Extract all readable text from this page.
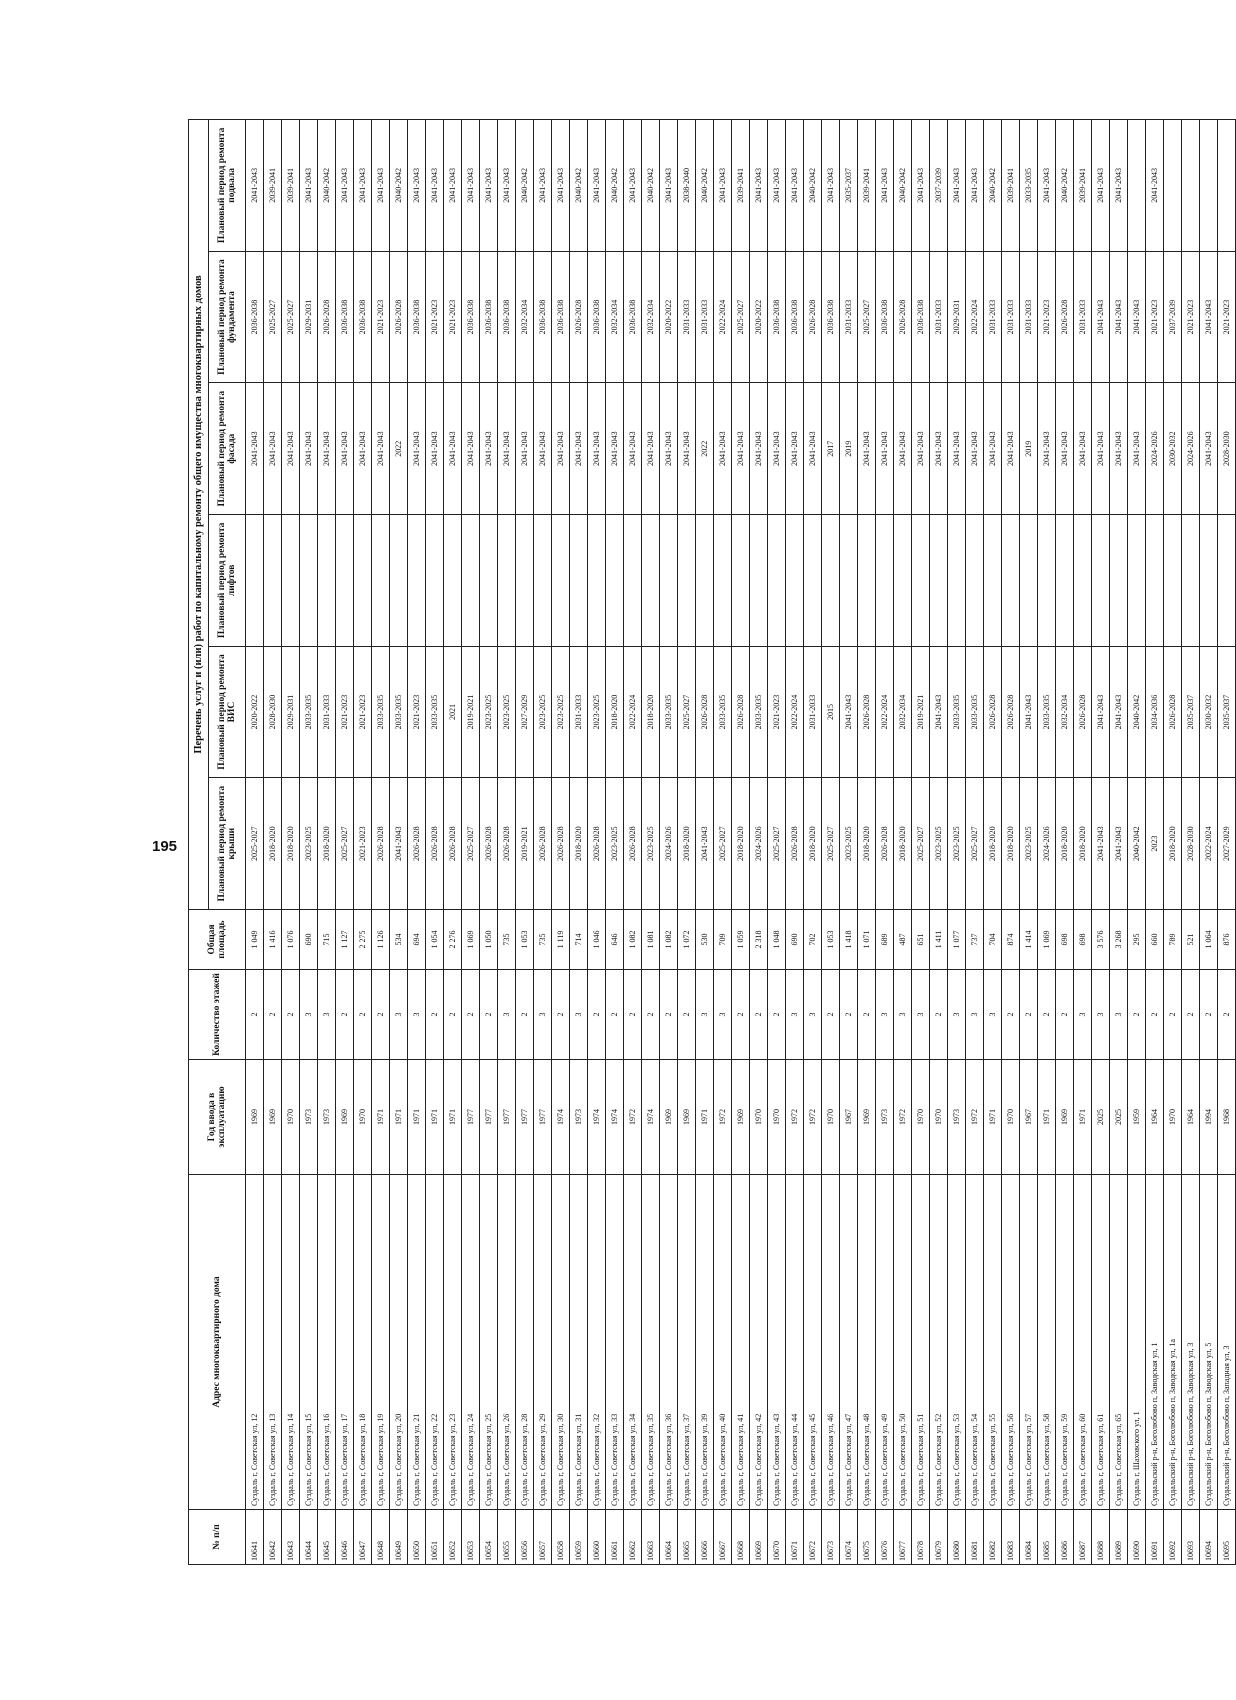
195
№ п/п	Адрес многоквартирного дома	Год ввода в эксплуатацию	Количество этажей	Общая площадь	Перечень услуг и (или) работ по капитальному ремонту общего имущества многоквартирных домов					
					Плановый период ремонта крыши	Плановый период ремонта ВИС	Плановый период ремонта лифтов	Плановый период ремонта фасада	Плановый период ремонта фундамента	Плановый период ремонта подвала
10641	Суздаль г, Советская ул, 12	1969	2	1 049	2025-2027	2020-2022		2041-2043	2036-2038	2041-2043
10642	Суздаль г, Советская ул, 13	1969	2	1 416	2018-2020	2028-2030		2041-2043	2025-2027	2039-2041
10643	Суздаль г, Советская ул, 14	1970	2	1 076	2018-2020	2029-2031		2041-2043	2025-2027	2039-2041
10644	Суздаль г, Советская ул, 15	1973	3	690	2023-2025	2033-2035		2041-2043	2029-2031	2041-2043
10645	Суздаль г, Советская ул, 16	1973	3	715	2018-2020	2031-2033		2041-2043	2026-2028	2040-2042
10646	Суздаль г, Советская ул, 17	1969	2	1 127	2025-2027	2021-2023		2041-2043	2036-2038	2041-2043
10647	Суздаль г, Советская ул, 18	1970	2	2 275	2021-2023	2021-2023		2041-2043	2036-2038	2041-2043
10648	Суздаль г, Советская ул, 19	1971	2	1 126	2026-2028	2033-2035		2041-2043	2021-2023	2041-2043
10649	Суздаль г, Советская ул, 20	1971	3	534	2041-2043	2033-2035		2022	2026-2028	2040-2042
10650	Суздаль г, Советская ул, 21	1971	3	694	2026-2028	2021-2023		2041-2043	2036-2038	2041-2043
10651	Суздаль г, Советская ул, 22	1971	2	1 054	2026-2028	2033-2035		2041-2043	2021-2023	2041-2043
10652	Суздаль г, Советская ул, 23	1971	2	2 276	2026-2028	2021		2041-2043	2021-2023	2041-2043
10653	Суздаль г, Советская ул, 24	1977	2	1 069	2025-2027	2019-2021		2041-2043	2036-2038	2041-2043
10654	Суздаль г, Советская ул, 25	1977	2	1 050	2026-2028	2023-2025		2041-2043	2036-2038	2041-2043
10655	Суздаль г, Советская ул, 26	1977	3	735	2026-2028	2023-2025		2041-2043	2036-2038	2041-2043
10656	Суздаль г, Советская ул, 28	1977	2	1 053	2019-2021	2027-2029		2041-2043	2032-2034	2040-2042
10657	Суздаль г, Советская ул, 29	1977	3	735	2026-2028	2023-2025		2041-2043	2036-2038	2041-2043
10658	Суздаль г, Советская ул, 30	1974	2	1 119	2026-2028	2023-2025		2041-2043	2036-2038	2041-2043
10659	Суздаль г, Советская ул, 31	1973	3	714	2018-2020	2031-2033		2041-2043	2026-2028	2040-2042
10660	Суздаль г, Советская ул, 32	1974	2	1 046	2026-2028	2023-2025		2041-2043	2036-2038	2041-2043
10661	Суздаль г, Советская ул, 33	1974	2	646	2023-2025	2018-2020		2041-2043	2032-2034	2040-2042
10662	Суздаль г, Советская ул, 34	1972	2	1 082	2026-2028	2022-2024		2041-2043	2036-2038	2041-2043
10663	Суздаль г, Советская ул, 35	1974	2	1 081	2023-2025	2018-2020		2041-2043	2032-2034	2040-2042
10664	Суздаль г, Советская ул, 36	1969	2	1 082	2024-2026	2033-2035		2041-2043	2020-2022	2041-2043
10665	Суздаль г, Советская ул, 37	1969	2	1 072	2018-2020	2025-2027		2041-2043	2031-2033	2038-2040
10666	Суздаль г, Советская ул, 39	1971	3	530	2041-2043	2026-2028		2022	2031-2033	2040-2042
10667	Суздаль г, Советская ул, 40	1972	3	709	2025-2027	2033-2035		2041-2043	2022-2024	2041-2043
10668	Суздаль г, Советская ул, 41	1969	2	1 059	2018-2020	2026-2028		2041-2043	2025-2027	2039-2041
10669	Суздаль г, Советская ул, 42	1970	2	2 318	2024-2026	2033-2035		2041-2043	2020-2022	2041-2043
10670	Суздаль г, Советская ул, 43	1970	2	1 048	2025-2027	2021-2023		2041-2043	2036-2038	2041-2043
10671	Суздаль г, Советская ул, 44	1972	3	690	2026-2028	2022-2024		2041-2043	2036-2038	2041-2043
10672	Суздаль г, Советская ул, 45	1972	3	702	2018-2020	2031-2033		2041-2043	2026-2028	2040-2042
10673	Суздаль г, Советская ул, 46	1970	2	1 053	2025-2027	2015		2017	2036-2038	2041-2043
10674	Суздаль г, Советская ул, 47	1967	2	1 418	2023-2025	2041-2043		2019	2031-2033	2035-2037
10675	Суздаль г, Советская ул, 48	1969	2	1 071	2018-2020	2026-2028		2041-2043	2025-2027	2039-2041
10676	Суздаль г, Советская ул, 49	1973	3	689	2026-2028	2022-2024		2041-2043	2036-2038	2041-2043
10677	Суздаль г, Советская ул, 50	1972	3	487	2018-2020	2032-2034		2041-2043	2026-2028	2040-2042
10678	Суздаль г, Советская ул, 51	1970	3	651	2025-2027	2019-2021		2041-2043	2036-2038	2041-2043
10679	Суздаль г, Советская ул, 52	1970	2	1 411	2023-2025	2041-2043		2041-2043	2031-2033	2037-2039
10680	Суздаль г, Советская ул, 53	1973	3	1 077	2023-2025	2033-2035		2041-2043	2029-2031	2041-2043
10681	Суздаль г, Советская ул, 54	1972	3	737	2025-2027	2033-2035		2041-2043	2022-2024	2041-2043
10682	Суздаль г, Советская ул, 55	1971	3	704	2018-2020	2026-2028		2041-2043	2031-2033	2040-2042
10683	Суздаль г, Советская ул, 56	1970	2	874	2018-2020	2026-2028		2041-2043	2031-2033	2039-2041
10684	Суздаль г, Советская ул, 57	1967	2	1 414	2023-2025	2041-2043		2019	2031-2033	2033-2035
10685	Суздаль г, Советская ул, 58	1971	2	1 069	2024-2026	2033-2035		2041-2043	2021-2023	2041-2043
10686	Суздаль г, Советская ул, 59	1969	2	698	2018-2020	2032-2034		2041-2043	2026-2028	2040-2042
10687	Суздаль г, Советская ул, 60	1971	3	698	2018-2020	2026-2028		2041-2043	2031-2033	2039-2041
10688	Суздаль г, Советская ул, 61	2025	3	3 576	2041-2043	2041-2043		2041-2043	2041-2043	2041-2043
10689	Суздаль г, Советская ул, 65	2025	3	3 268	2041-2043	2041-2043		2041-2043	2041-2043	2041-2043
10690	Суздаль г, Шаховского ул, 1	1959	2	295	2040-2042	2040-2042		2041-2043	2041-2043	
10691	Суздальский р-н, Боголюбово п, Заводская ул, 1	1964	2	660	2023	2034-2036		2024-2026	2021-2023	2041-2043
10692	Суздальский р-н, Боголюбово п, Заводская ул, 1а	1970	2	789	2018-2020	2026-2028		2030-2032	2037-2039	
10693	Суздальский р-н, Боголюбово п, Заводская ул, 3	1964	2	521	2028-2030	2035-2037		2024-2026	2021-2023	
10694	Суздальский р-н, Боголюбово п, Заводская ул, 5	1994	2	1 064	2022-2024	2030-2032		2041-2043	2041-2043	
10695	Суздальский р-н, Боголюбово п, Западная ул, 3	1968	2	876	2027-2029	2035-2037		2028-2030	2021-2023	
